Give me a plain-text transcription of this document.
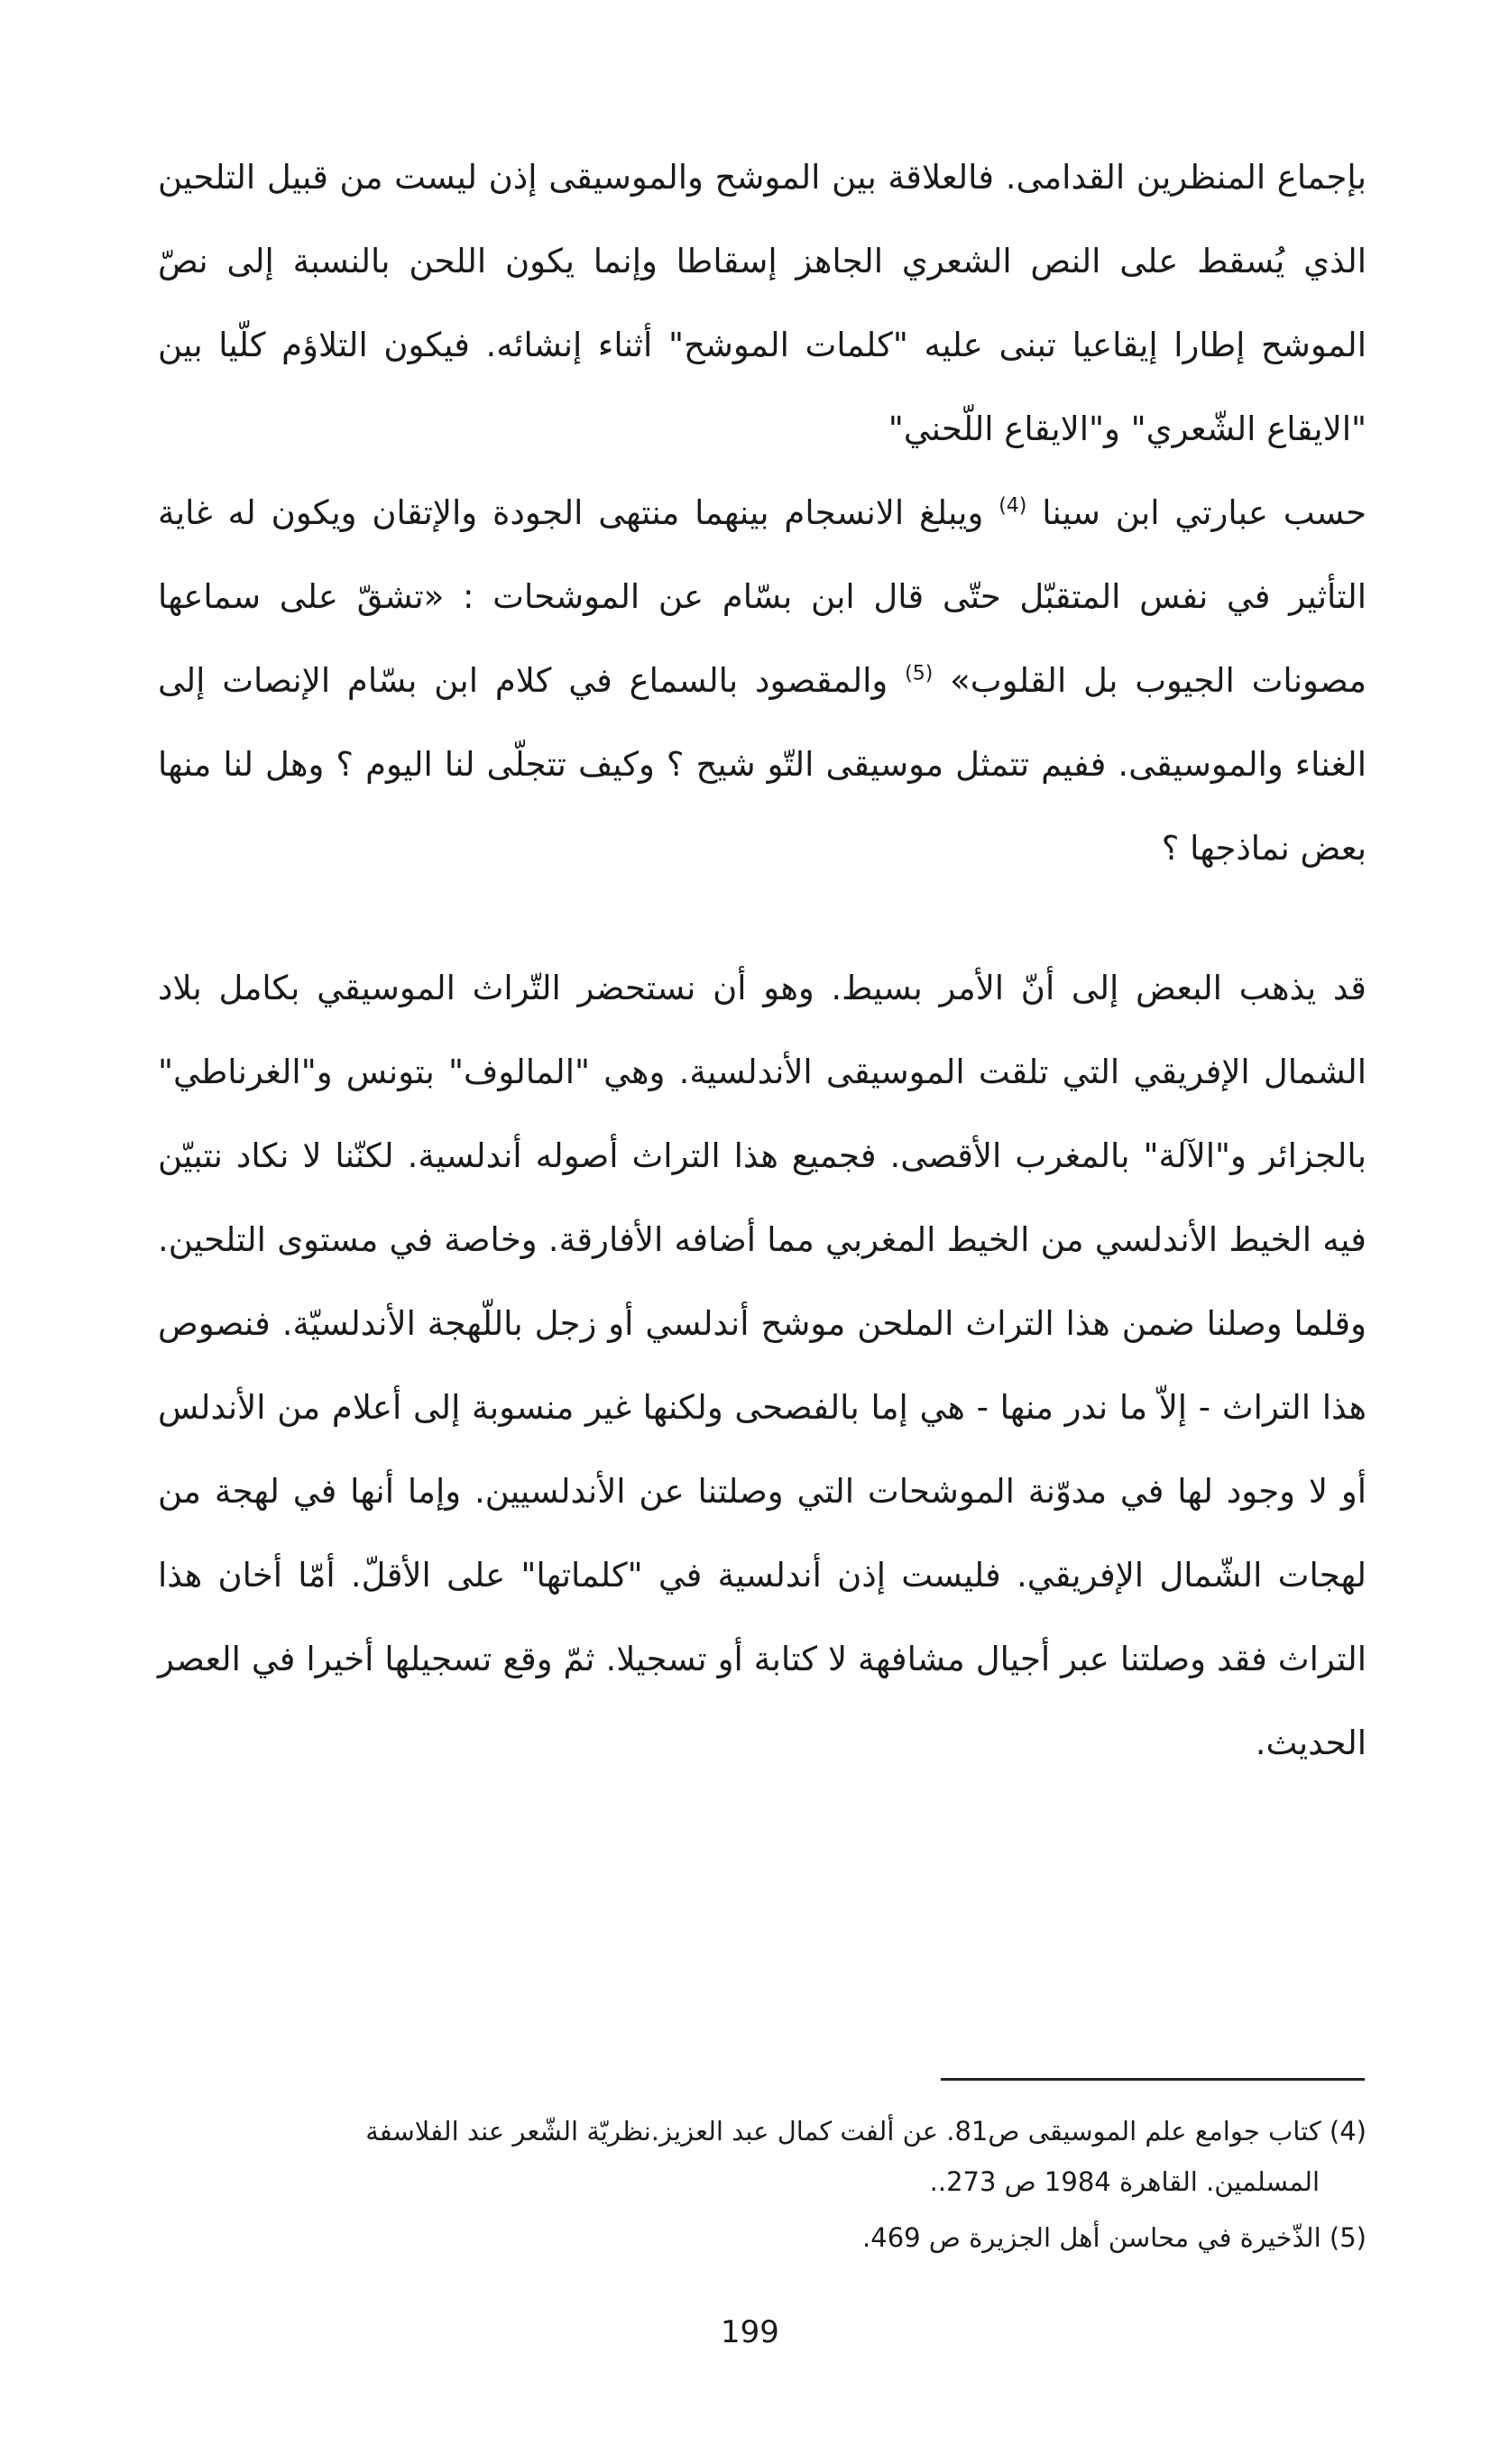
بإجماع المنظرين القدامى. فالعلاقة بين الموشح والموسيقى إذن ليست من قبيل التلحين الذي يُسقط على النص الشعري الجاهز إسقاطا وإنما يكون اللحن بالنسبة إلى نصّ الموشح إطارا إيقاعيا تبنى عليه "كلمات الموشح" أثناء إنشائه. فيكون التلاؤم كلّيا بين "الايقاع الشّعري" و"الايقاع اللّحني"

حسب عبارتي ابن سينا $^{(4)}$ ويبلغ الانسجام بينهما منتهى الجودة والإتقان ويكون له غاية التأثير في نفس المتقبّل حتّى قال ابن بسّام عن الموشحات : «تشقّ على سماعها مصونات الجيوب بل القلوب» $^{(5)}$ والمقصود بالسماع في كلام ابن بسّام الإنصات إلى الغناء والموسيقى. ففيم تتمثل موسيقى التّو شيح ؟ وكيف تتجلّى لنا اليوم ؟ وهل لنا منها بعض نماذجها ؟

قد يذهب البعض إلى أنّ الأمر بسيط. وهو أن نستحضر التّراث الموسيقي بكامل بلاد الشمال الإفريقي التي تلقت الموسيقى الأندلسية. وهي "المالوف" بتونس و"الغرناطي" بالجزائر و"الآلة" بالمغرب الأقصى. فجميع هذا التراث أصوله أندلسية. لكنّنا لا نكاد نتبيّن فيه الخيط الأندلسي من الخيط المغربي مما أضافه الأفارقة. وخاصة في مستوى التلحين. وقلما وصلنا ضمن هذا التراث الملحن موشح أندلسي أو زجل باللّهجة الأندلسيّة. فنصوص هذا التراث - إلاّ ما ندر منها - هي إما بالفصحى ولكنها غير منسوبة إلى أعلام من الأندلس أو لا وجود لها في مدوّنة الموشحات التي وصلتنا عن الأندلسيين. وإما أنها في لهجة من لهجات الشّمال الإفريقي. فليست إذن أندلسية في "كلماتها" على الأقلّ. أمّا أخان هذا التراث فقد وصلتنا عبر أجيال مشافهة لا كتابة أو تسجيلا. ثمّ وقع تسجيلها أخيرا في العصر الحديث.

(4) كتاب جوامع علم الموسيقى ص81. عن ألفت كمال عبد العزيز.نظريّة الشّعر عند الفلاسفة

المسلمين. القاهرة 1984 ص 273..

(5) الذّخيرة في محاسن أهل الجزيرة ص 469.

199
